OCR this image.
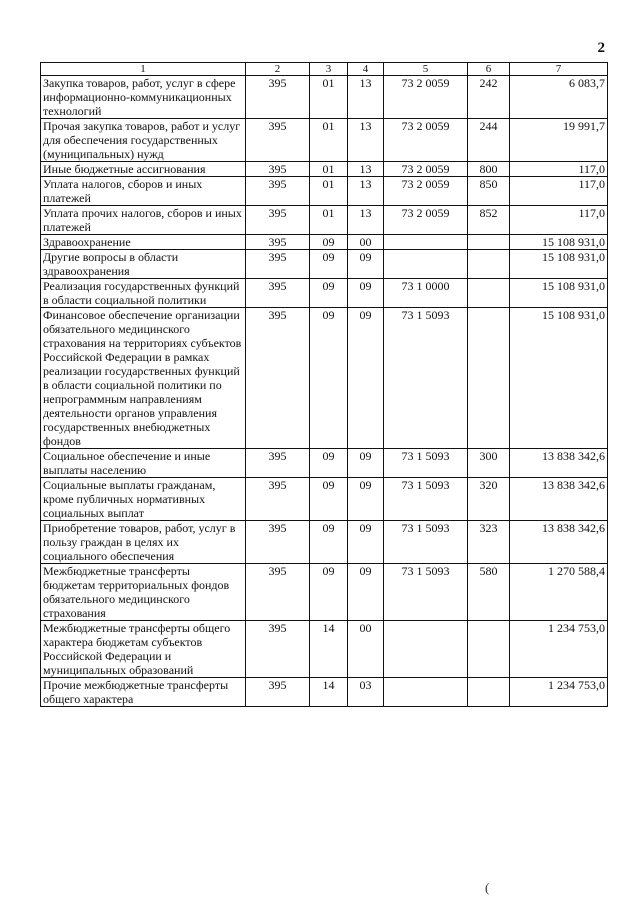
2
1	2	3	4	5	6	7
Закупка товаров, работ, услуг в сфере информационно-коммуникационных технологий	395	01	13	73 2 0059	242	6 083,7
Прочая закупка товаров, работ и услуг для обеспечения государственных (муниципальных) нужд	395	01	13	73 2 0059	244	19 991,7
Иные бюджетные ассигнования	395	01	13	73 2 0059	800	117,0
Уплата налогов, сборов и иных платежей	395	01	13	73 2 0059	850	117,0
Уплата прочих налогов, сборов и иных платежей	395	01	13	73 2 0059	852	117,0
Здравоохранение	395	09	00			15 108 931,0
Другие вопросы в области здравоохранения	395	09	09			15 108 931,0
Реализация государственных функций в области социальной политики	395	09	09	73 1 0000		15 108 931,0
Финансовое обеспечение организации обязательного медицинского страхования на территориях субъектов Российской Федерации в рамках реализации государственных функций в области социальной политики по непрограммным направлениям деятельности органов управления государственных внебюджетных фондов	395	09	09	73 1 5093		15 108 931,0
Социальное обеспечение и иные выплаты населению	395	09	09	73 1 5093	300	13 838 342,6
Социальные выплаты гражданам, кроме публичных нормативных социальных выплат	395	09	09	73 1 5093	320	13 838 342,6
Приобретение товаров, работ, услуг в пользу граждан в целях их социального обеспечения	395	09	09	73 1 5093	323	13 838 342,6
Межбюджетные трансферты бюджетам территориальных фондов обязательного медицинского страхования	395	09	09	73 1 5093	580	1 270 588,4
Межбюджетные трансферты общего характера бюджетам субъектов Российской Федерации и муниципальных образований	395	14	00			1 234 753,0
Прочие межбюджетные трансферты общего характера	395	14	03			1 234 753,0
(
